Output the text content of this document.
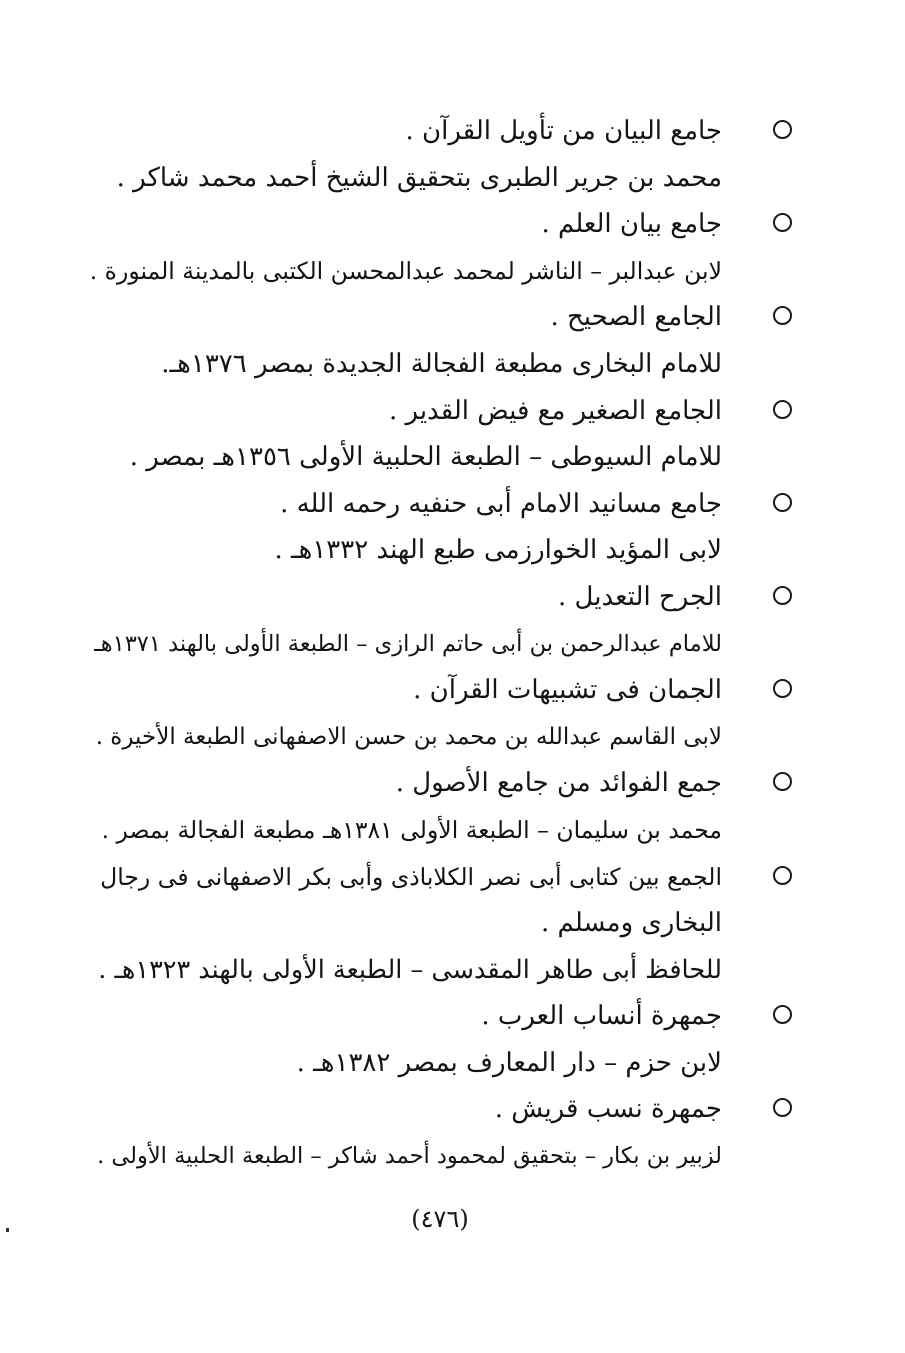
جامع البيان من تأويل القرآن .
محمد بن جرير الطبرى بتحقيق الشيخ أحمد محمد شاكر .
جامع بيان العلم .
لابن عبدالبر – الناشر لمحمد عبدالمحسن الكتبى بالمدينة المنورة .
الجامع الصحيح .
للامام البخارى مطبعة الفجالة الجديدة بمصر ١٣٧٦هـ.
الجامع الصغير مع فيض القدير .
للامام السيوطى – الطبعة الحلبية الأولى ١٣٥٦هـ بمصر .
جامع مسانيد الامام أبى حنفيه رحمه الله .
لابى المؤيد الخوارزمى طبع الهند ١٣٣٢هـ .
الجرح التعديل .
للامام عبدالرحمن بن أبى حاتم الرازى – الطبعة الأولى بالهند ١٣٧١هـ
الجمان فى تشبيهات القرآن .
لابى القاسم عبدالله بن محمد بن حسن الاصفهانى الطبعة الأخيرة .
جمع الفوائد من جامع الأصول .
محمد بن سليمان – الطبعة الأولى ١٣٨١هـ مطبعة الفجالة بمصر .
الجمع بين كتابى أبى نصر الكلاباذى وأبى بكر الاصفهانى فى رجال
البخارى ومسلم .
للحافظ أبى طاهر المقدسى – الطبعة الأولى بالهند ١٣٢٣هـ .
جمهرة أنساب العرب .
لابن حزم – دار المعارف بمصر ١٣٨٢هـ .
جمهرة نسب قريش .
لزبير بن بكار – بتحقيق لمحمود أحمد شاكر – الطبعة الحلبية الأولى .
(٤٧٦)
